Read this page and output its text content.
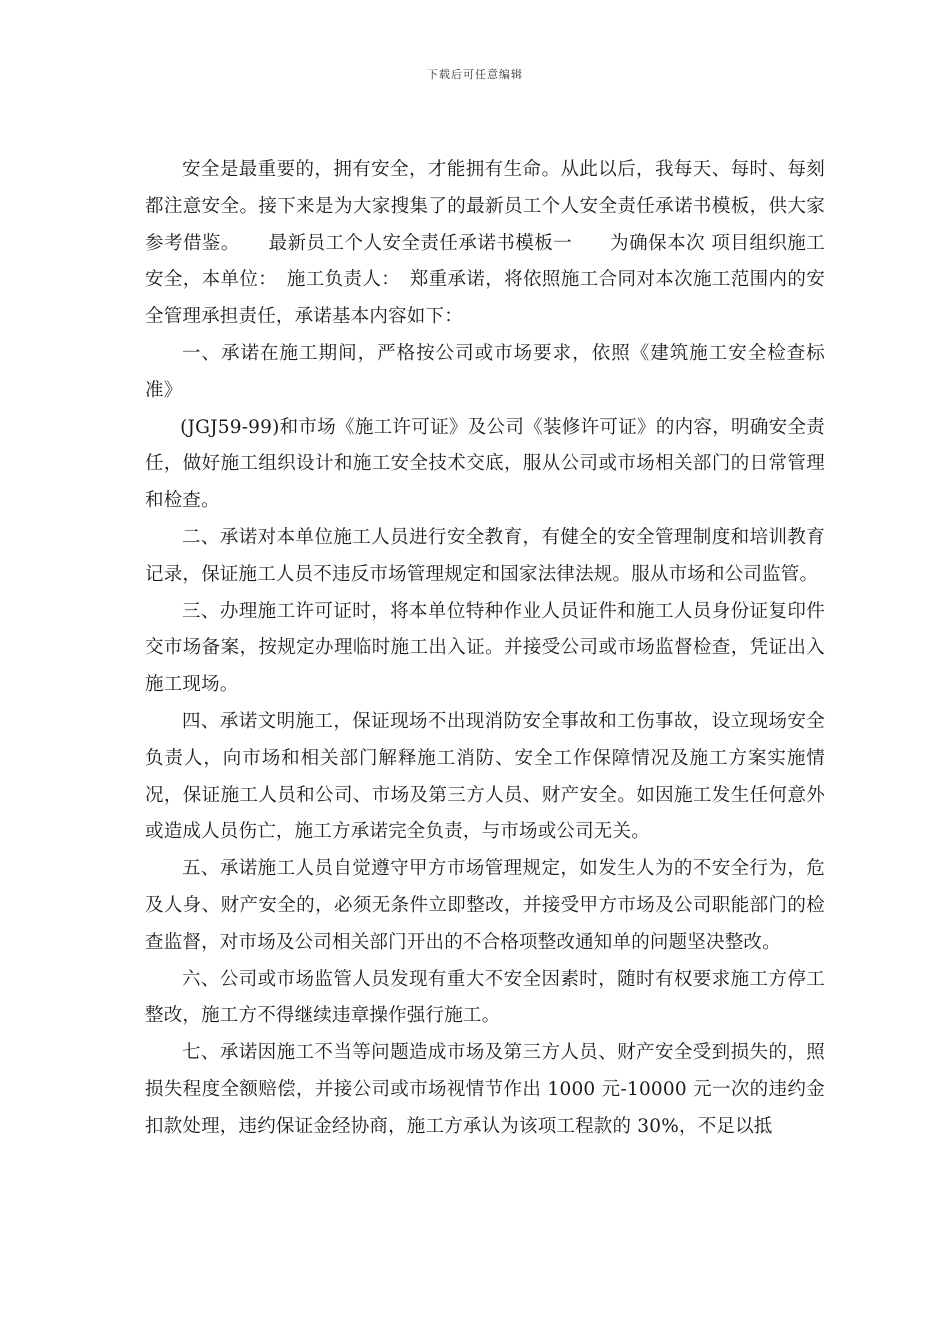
下载后可任意编辑

安全是最重要的，拥有安全，才能拥有生命。从此以后，我每天、每时、每刻都注意安全。接下来是为大家搜集了的最新员工个人安全责任承诺书模板，供大家参考借鉴。　　最新员工个人安全责任承诺书模板一　　为确保本次 项目组织施工安全，本单位：　施工负责人：　郑重承诺，将依照施工合同对本次施工范围内的安全管理承担责任，承诺基本内容如下：

一、承诺在施工期间，严格按公司或市场要求，依照《建筑施工安全检查标准》

(JGJ59-99)和市场《施工许可证》及公司《装修许可证》的内容，明确安全责任，做好施工组织设计和施工安全技术交底，服从公司或市场相关部门的日常管理和检查。

二、承诺对本单位施工人员进行安全教育，有健全的安全管理制度和培训教育记录，保证施工人员不违反市场管理规定和国家法律法规。服从市场和公司监管。

三、办理施工许可证时，将本单位特种作业人员证件和施工人员身份证复印件交市场备案，按规定办理临时施工出入证。并接受公司或市场监督检查，凭证出入施工现场。

四、承诺文明施工，保证现场不出现消防安全事故和工伤事故，设立现场安全负责人，向市场和相关部门解释施工消防、安全工作保障情况及施工方案实施情况，保证施工人员和公司、市场及第三方人员、财产安全。如因施工发生任何意外或造成人员伤亡，施工方承诺完全负责，与市场或公司无关。

五、承诺施工人员自觉遵守甲方市场管理规定，如发生人为的不安全行为，危及人身、财产安全的，必须无条件立即整改，并接受甲方市场及公司职能部门的检查监督，对市场及公司相关部门开出的不合格项整改通知单的问题坚决整改。

六、公司或市场监管人员发现有重大不安全因素时，随时有权要求施工方停工整改，施工方不得继续违章操作强行施工。

七、承诺因施工不当等问题造成市场及第三方人员、财产安全受到损失的，照损失程度全额赔偿，并接公司或市场视情节作出 1000 元-10000 元一次的违约金扣款处理，违约保证金经协商，施工方承认为该项工程款的 30%，不足以抵
